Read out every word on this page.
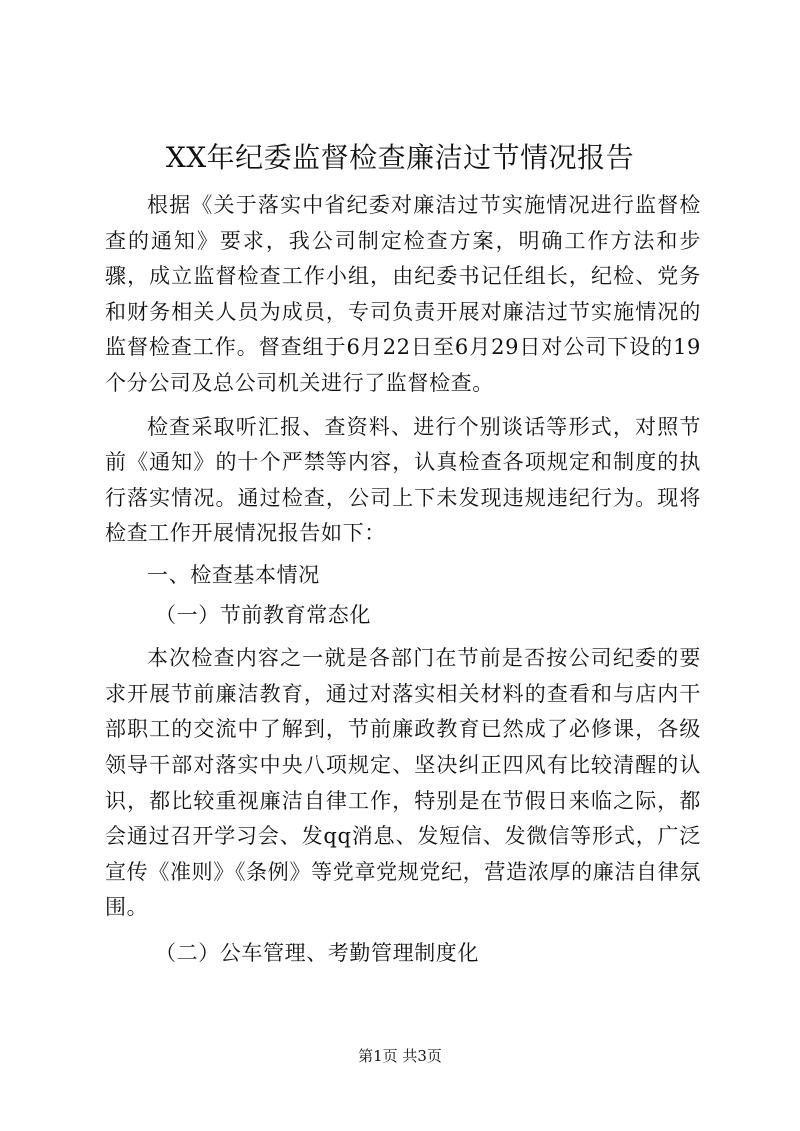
XX年纪委监督检查廉洁过节情况报告

根据《关于落实中省纪委对廉洁过节实施情况进行监督检查的通知》要求，我公司制定检查方案，明确工作方法和步骤，成立监督检查工作小组，由纪委书记任组长，纪检、党务和财务相关人员为成员，专司负责开展对廉洁过节实施情况的监督检查工作。督查组于6月22日至6月29日对公司下设的19个分公司及总公司机关进行了监督检查。

检查采取听汇报、查资料、进行个别谈话等形式，对照节前《通知》的十个严禁等内容，认真检查各项规定和制度的执行落实情况。通过检查，公司上下未发现违规违纪行为。现将检查工作开展情况报告如下：

一、检查基本情况

（一）节前教育常态化

本次检查内容之一就是各部门在节前是否按公司纪委的要求开展节前廉洁教育，通过对落实相关材料的查看和与店内干部职工的交流中了解到，节前廉政教育已然成了必修课，各级领导干部对落实中央八项规定、坚决纠正四风有比较清醒的认识，都比较重视廉洁自律工作，特别是在节假日来临之际，都会通过召开学习会、发qq消息、发短信、发微信等形式，广泛宣传《准则》《条例》等党章党规党纪，营造浓厚的廉洁自律氛围。

（二）公车管理、考勤管理制度化

第1页 共3页
